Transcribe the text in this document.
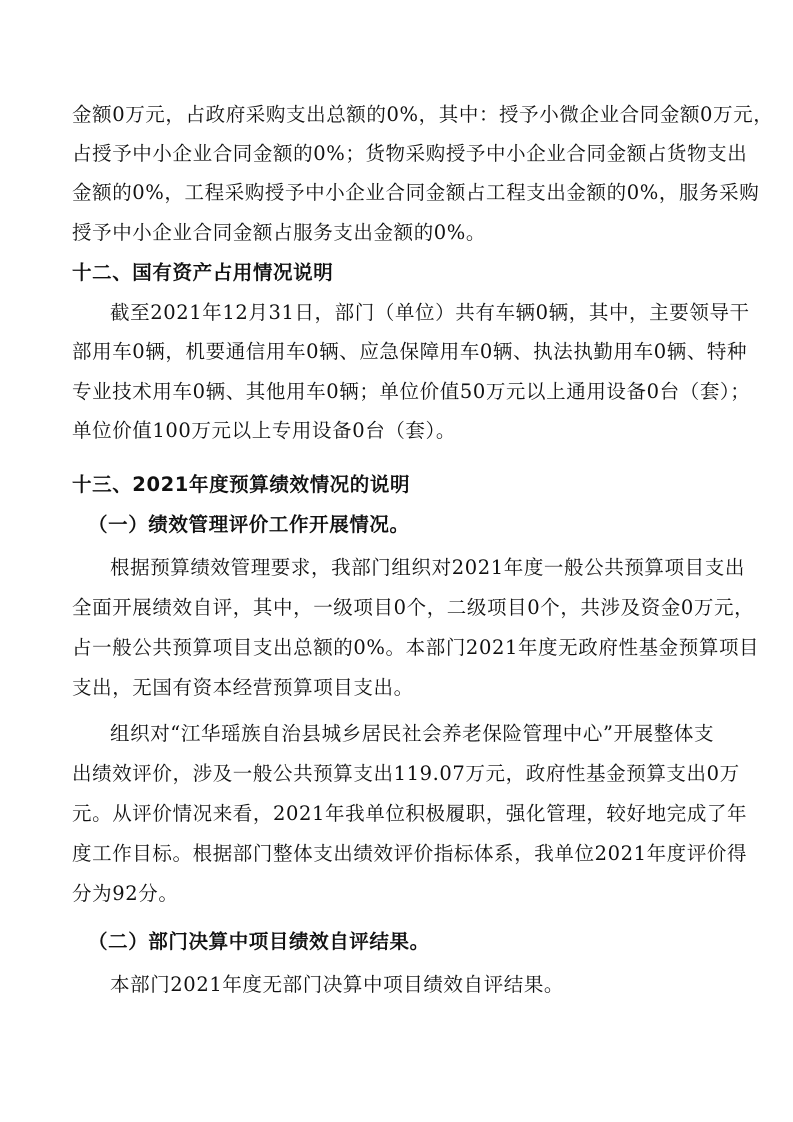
金额0万元，占政府采购支出总额的0%，其中：授予小微企业合同金额0万元，
占授予中小企业合同金额的0%；货物采购授予中小企业合同金额占货物支出
金额的0%，工程采购授予中小企业合同金额占工程支出金额的0%，服务采购
授予中小企业合同金额占服务支出金额的0%。
十二、国有资产占用情况说明
截至2021年12月31日，部门（单位）共有车辆0辆，其中，主要领导干
部用车0辆，机要通信用车0辆、应急保障用车0辆、执法执勤用车0辆、特种
专业技术用车0辆、其他用车0辆；单位价值50万元以上通用设备0台（套）；
单位价值100万元以上专用设备0台（套）。
十三、2021年度预算绩效情况的说明
（一）绩效管理评价工作开展情况。
根据预算绩效管理要求，我部门组织对2021年度一般公共预算项目支出
全面开展绩效自评，其中，一级项目0个，二级项目0个，共涉及资金0万元，
占一般公共预算项目支出总额的0%。本部门2021年度无政府性基金预算项目
支出，无国有资本经营预算项目支出。
组织对“江华瑶族自治县城乡居民社会养老保险管理中心”开展整体支
出绩效评价，涉及一般公共预算支出119.07万元，政府性基金预算支出0万
元。从评价情况来看，2021年我单位积极履职，强化管理，较好地完成了年
度工作目标。根据部门整体支出绩效评价指标体系，我单位2021年度评价得
分为92分。
（二）部门决算中项目绩效自评结果。
本部门2021年度无部门决算中项目绩效自评结果。
